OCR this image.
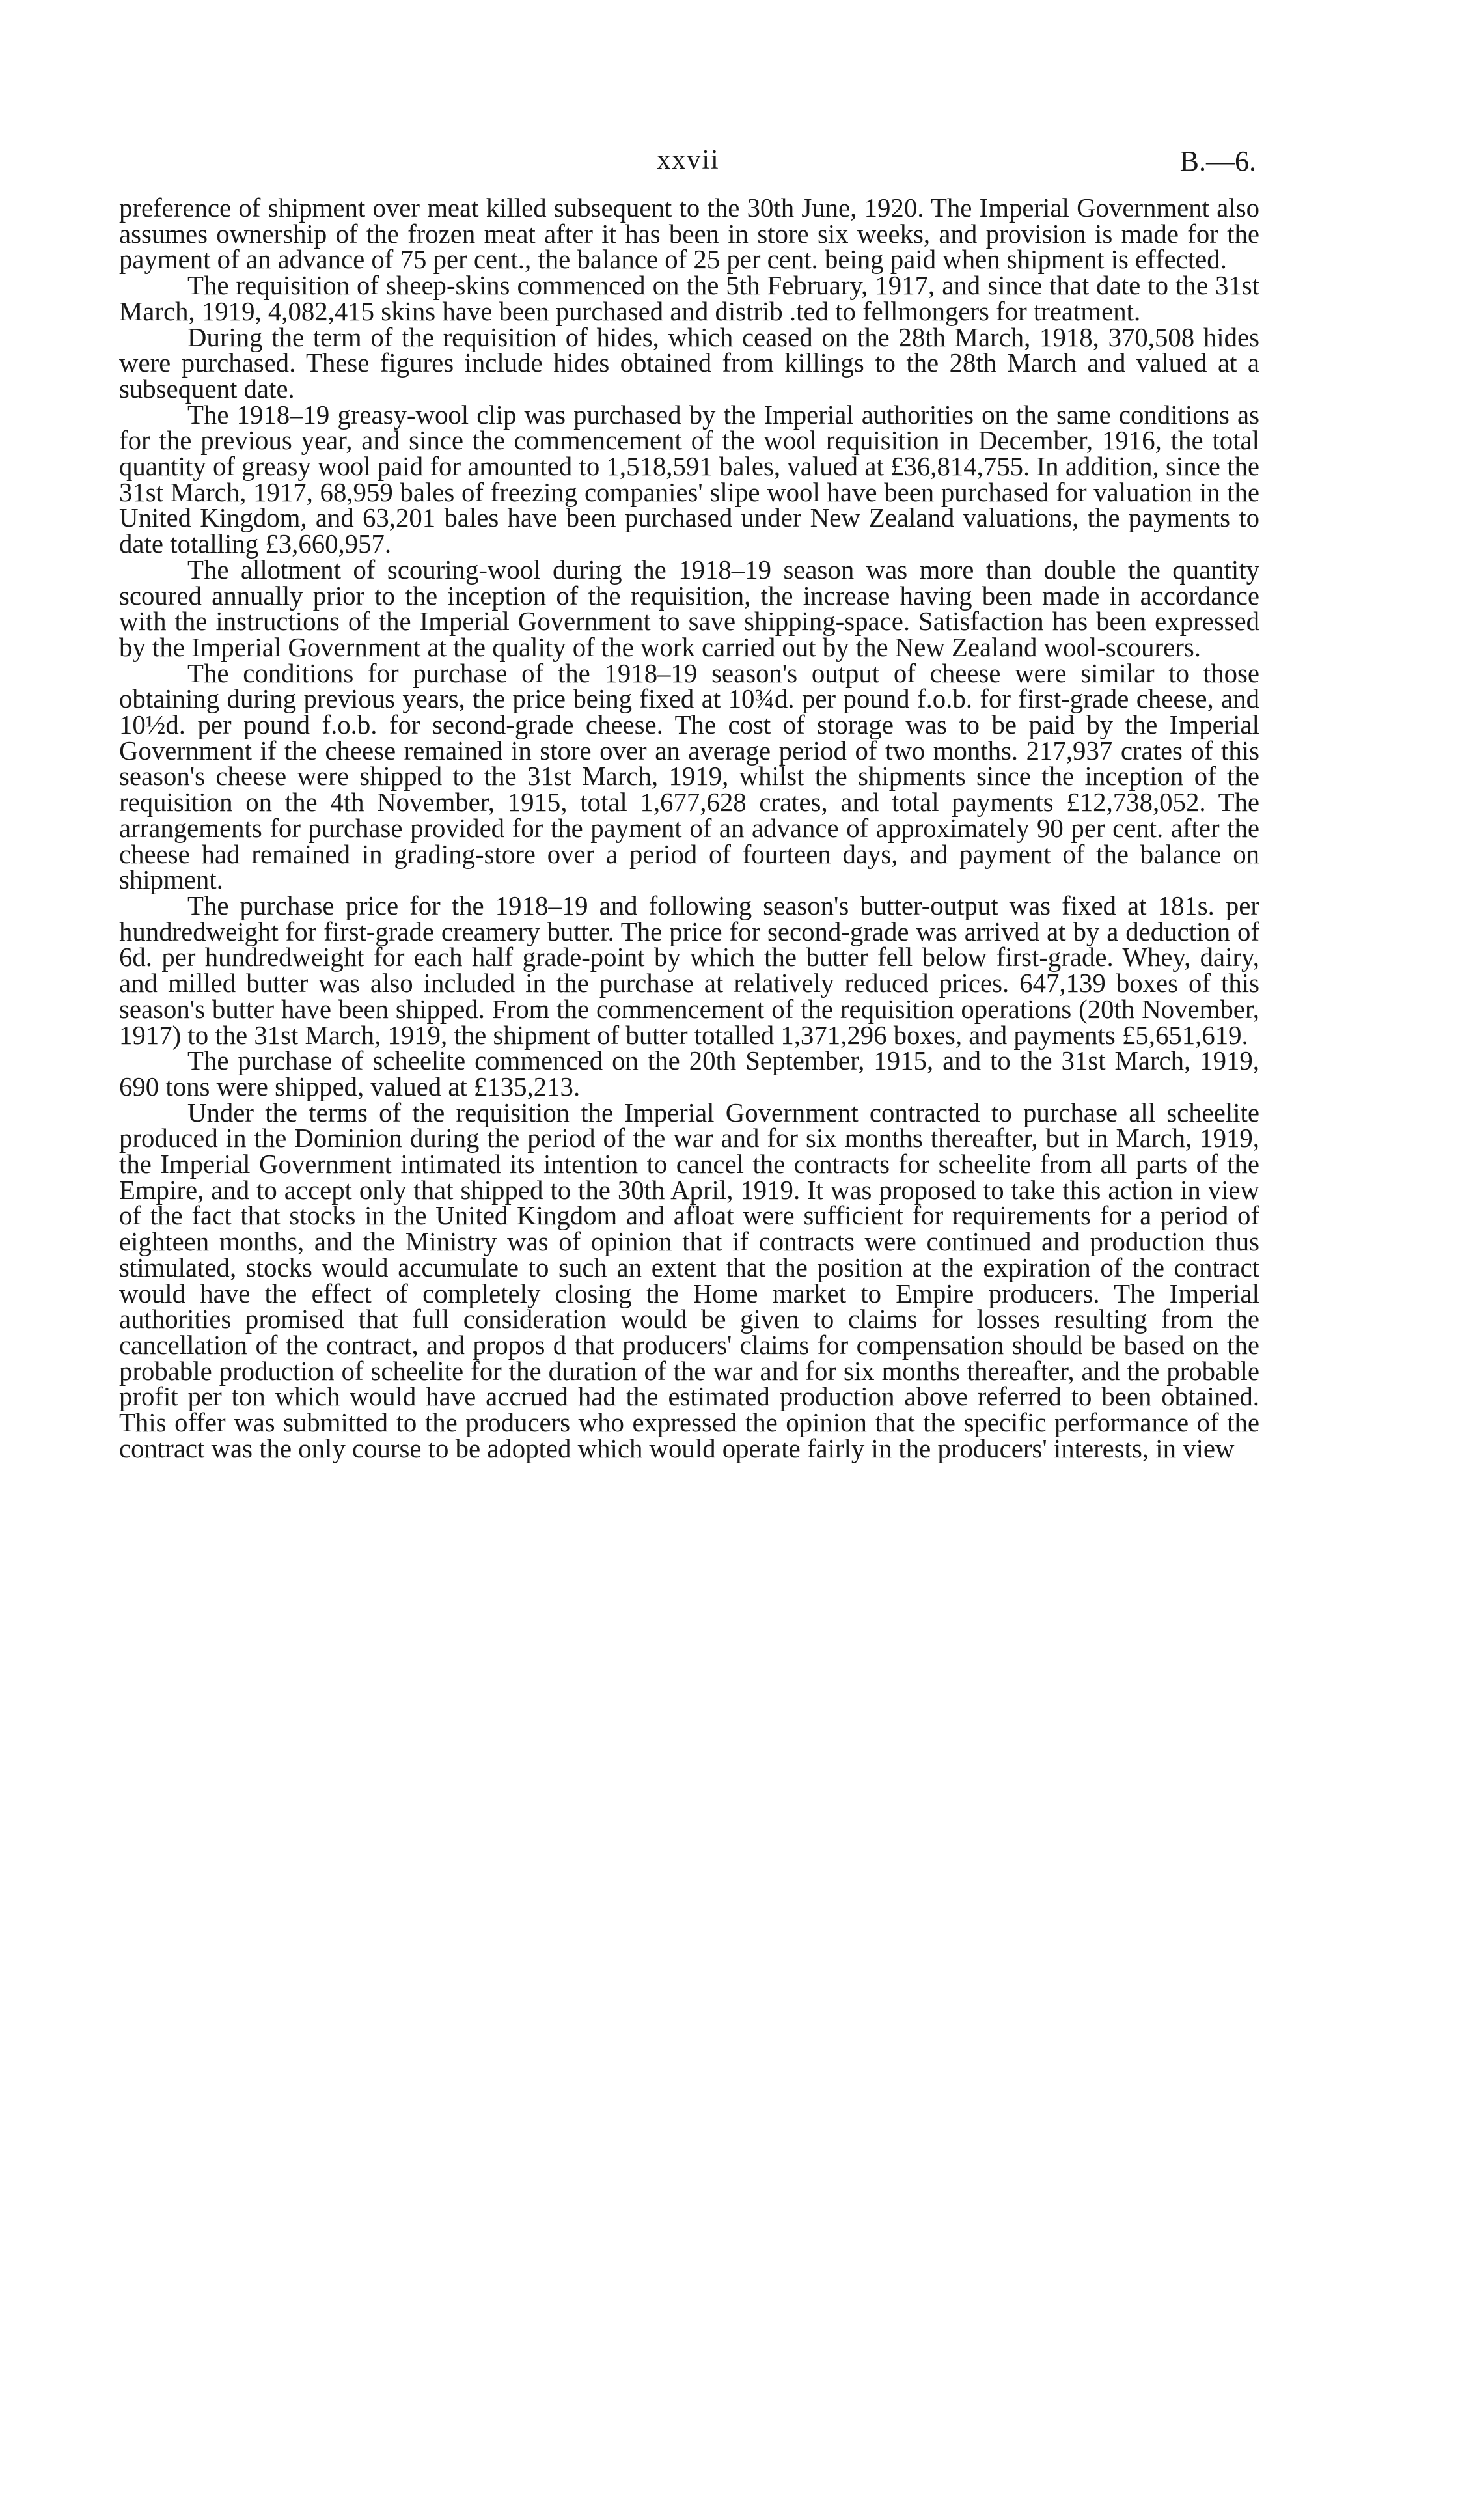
xxvii	B.—6.

preference of shipment over meat killed subsequent to the 30th June, 1920. The Imperial Government also assumes ownership of the frozen meat after it has been in store six weeks, and provision is made for the payment of an advance of 75 per cent., the balance of 25 per cent. being paid when shipment is effected.

The requisition of sheep-skins commenced on the 5th February, 1917, and since that date to the 31st March, 1919, 4,082,415 skins have been purchased and distrib .ted to fellmongers for treatment.

During the term of the requisition of hides, which ceased on the 28th March, 1918, 370,508 hides were purchased. These figures include hides obtained from killings to the 28th March and valued at a subsequent date.

The 1918–19 greasy-wool clip was purchased by the Imperial authorities on the same conditions as for the previous year, and since the commencement of the wool requisition in December, 1916, the total quantity of greasy wool paid for amounted to 1,518,591 bales, valued at £36,814,755. In addition, since the 31st March, 1917, 68,959 bales of freezing companies' slipe wool have been purchased for valuation in the United Kingdom, and 63,201 bales have been purchased under New Zealand valuations, the payments to date totalling £3,660,957.

The allotment of scouring-wool during the 1918–19 season was more than double the quantity scoured annually prior to the inception of the requisition, the increase having been made in accordance with the instructions of the Imperial Government to save shipping-space. Satisfaction has been expressed by the Imperial Government at the quality of the work carried out by the New Zealand wool-scourers.

The conditions for purchase of the 1918–19 season's output of cheese were similar to those obtaining during previous years, the price being fixed at 10¾d. per pound f.o.b. for first-grade cheese, and 10½d. per pound f.o.b. for second-grade cheese. The cost of storage was to be paid by the Imperial Government if the cheese remained in store over an average period of two months. 217,937 crates of this season's cheese were shipped to the 31st March, 1919, whilst the shipments since the inception of the requisition on the 4th November, 1915, total 1,677,628 crates, and total payments £12,738,052. The arrangements for purchase provided for the payment of an advance of approximately 90 per cent. after the cheese had remained in grading-store over a period of fourteen days, and payment of the balance on shipment.

The purchase price for the 1918–19 and following season's butter-output was fixed at 181s. per hundredweight for first-grade creamery butter. The price for second-grade was arrived at by a deduction of 6d. per hundredweight for each half grade-point by which the butter fell below first-grade. Whey, dairy, and milled butter was also included in the purchase at relatively reduced prices. 647,139 boxes of this season's butter have been shipped. From the commencement of the requisition operations (20th November, 1917) to the 31st March, 1919, the shipment of butter totalled 1,371,296 boxes, and payments £5,651,619.

The purchase of scheelite commenced on the 20th September, 1915, and to the 31st March, 1919, 690 tons were shipped, valued at £135,213.

Under the terms of the requisition the Imperial Government contracted to purchase all scheelite produced in the Dominion during the period of the war and for six months thereafter, but in March, 1919, the Imperial Government intimated its intention to cancel the contracts for scheelite from all parts of the Empire, and to accept only that shipped to the 30th April, 1919. It was proposed to take this action in view of the fact that stocks in the United Kingdom and afloat were sufficient for requirements for a period of eighteen months, and the Ministry was of opinion that if contracts were continued and production thus stimulated, stocks would accumulate to such an extent that the position at the expiration of the contract would have the effect of completely closing the Home market to Empire producers. The Imperial authorities promised that full consideration would be given to claims for losses resulting from the cancellation of the contract, and propos d that producers' claims for compensation should be based on the probable production of scheelite for the duration of the war and for six months thereafter, and the probable profit per ton which would have accrued had the estimated production above referred to been obtained. This offer was submitted to the producers who expressed the opinion that the specific performance of the contract was the only course to be adopted which would operate fairly in the producers' interests, in view
